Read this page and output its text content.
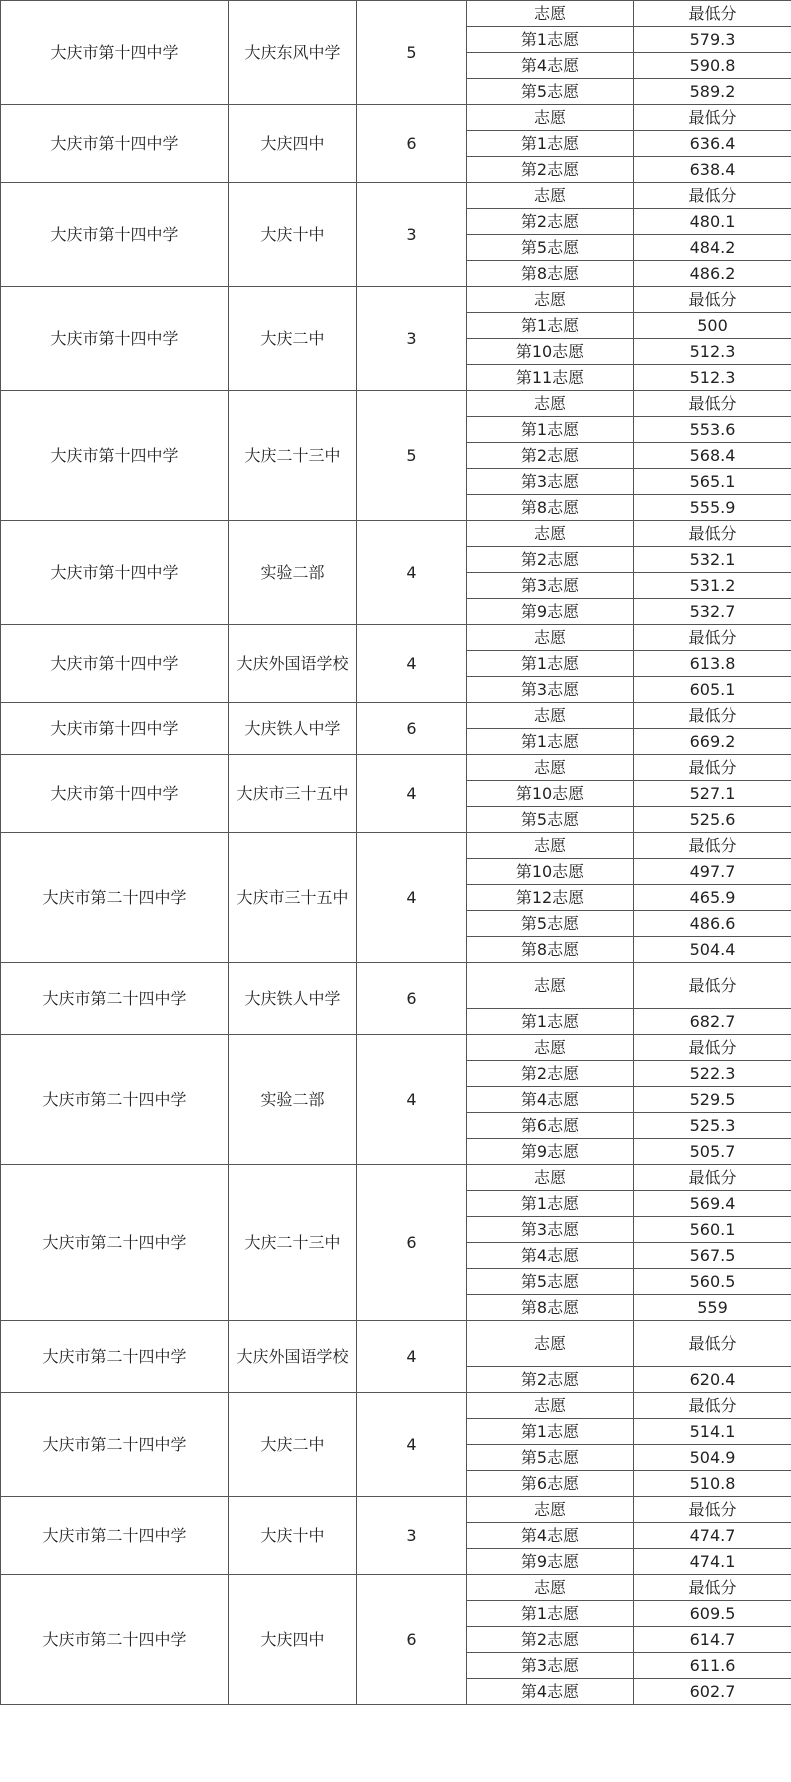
大庆市第十四中学	大庆东风中学	5	志愿	最低分
			第1志愿	579.3
			第4志愿	590.8
			第5志愿	589.2
大庆市第十四中学	大庆四中	6	志愿	最低分
			第1志愿	636.4
			第2志愿	638.4
大庆市第十四中学	大庆十中	3	志愿	最低分
			第2志愿	480.1
			第5志愿	484.2
			第8志愿	486.2
大庆市第十四中学	大庆二中	3	志愿	最低分
			第1志愿	500
			第10志愿	512.3
			第11志愿	512.3
大庆市第十四中学	大庆二十三中	5	志愿	最低分
			第1志愿	553.6
			第2志愿	568.4
			第3志愿	565.1
			第8志愿	555.9
大庆市第十四中学	实验二部	4	志愿	最低分
			第2志愿	532.1
			第3志愿	531.2
			第9志愿	532.7
大庆市第十四中学	大庆外国语学校	4	志愿	最低分
			第1志愿	613.8
			第3志愿	605.1
大庆市第十四中学	大庆铁人中学	6	志愿	最低分
			第1志愿	669.2
大庆市第十四中学	大庆市三十五中	4	志愿	最低分
			第10志愿	527.1
			第5志愿	525.6
大庆市第二十四中学	大庆市三十五中	4	志愿	最低分
			第10志愿	497.7
			第12志愿	465.9
			第5志愿	486.6
			第8志愿	504.4
大庆市第二十四中学	大庆铁人中学	6	志愿	最低分
			第1志愿	682.7
大庆市第二十四中学	实验二部	4	志愿	最低分
			第2志愿	522.3
			第4志愿	529.5
			第6志愿	525.3
			第9志愿	505.7
大庆市第二十四中学	大庆二十三中	6	志愿	最低分
			第1志愿	569.4
			第3志愿	560.1
			第4志愿	567.5
			第5志愿	560.5
			第8志愿	559
大庆市第二十四中学	大庆外国语学校	4	志愿	最低分
			第2志愿	620.4
大庆市第二十四中学	大庆二中	4	志愿	最低分
			第1志愿	514.1
			第5志愿	504.9
			第6志愿	510.8
大庆市第二十四中学	大庆十中	3	志愿	最低分
			第4志愿	474.7
			第9志愿	474.1
大庆市第二十四中学	大庆四中	6	志愿	最低分
			第1志愿	609.5
			第2志愿	614.7
			第3志愿	611.6
			第4志愿	602.7
